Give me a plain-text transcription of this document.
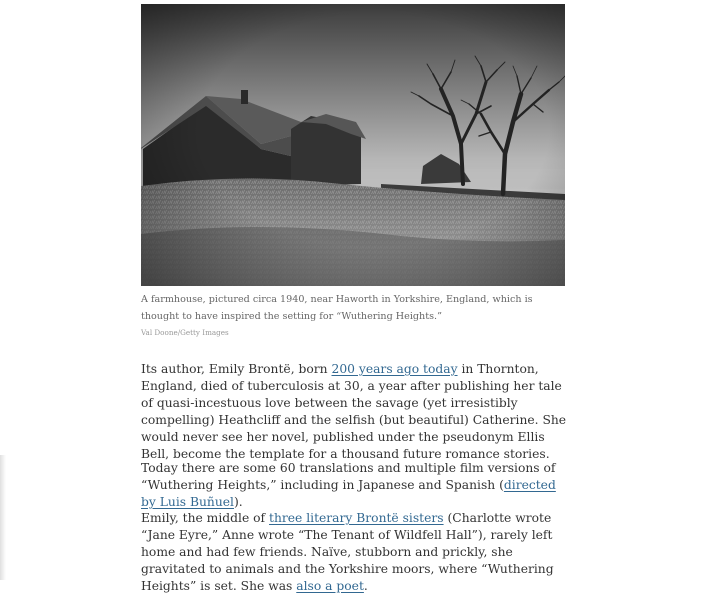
A farmhouse, pictured circa 1940, near Haworth in Yorkshire, England, which is thought to have inspired the setting for “Wuthering Heights.”
Val Doone/Getty Images

Its author, Emily Brontë, born 200 years ago today in Thornton, England, died of tuberculosis at 30, a year after publishing her tale of quasi-incestuous love between the savage (yet irresistibly compelling) Heathcliff and the selfish (but beautiful) Catherine. She would never see her novel, published under the pseudonym Ellis Bell, become the template for a thousand future romance stories.

Today there are some 60 translations and multiple film versions of “Wuthering Heights,” including in Japanese and Spanish (directed by Luis Buñuel).

Emily, the middle of three literary Brontë sisters (Charlotte wrote “Jane Eyre,” Anne wrote “The Tenant of Wildfell Hall”), rarely left home and had few friends. Naïve, stubborn and prickly, she gravitated to animals and the Yorkshire moors, where “Wuthering Heights” is set. She was also a poet.
